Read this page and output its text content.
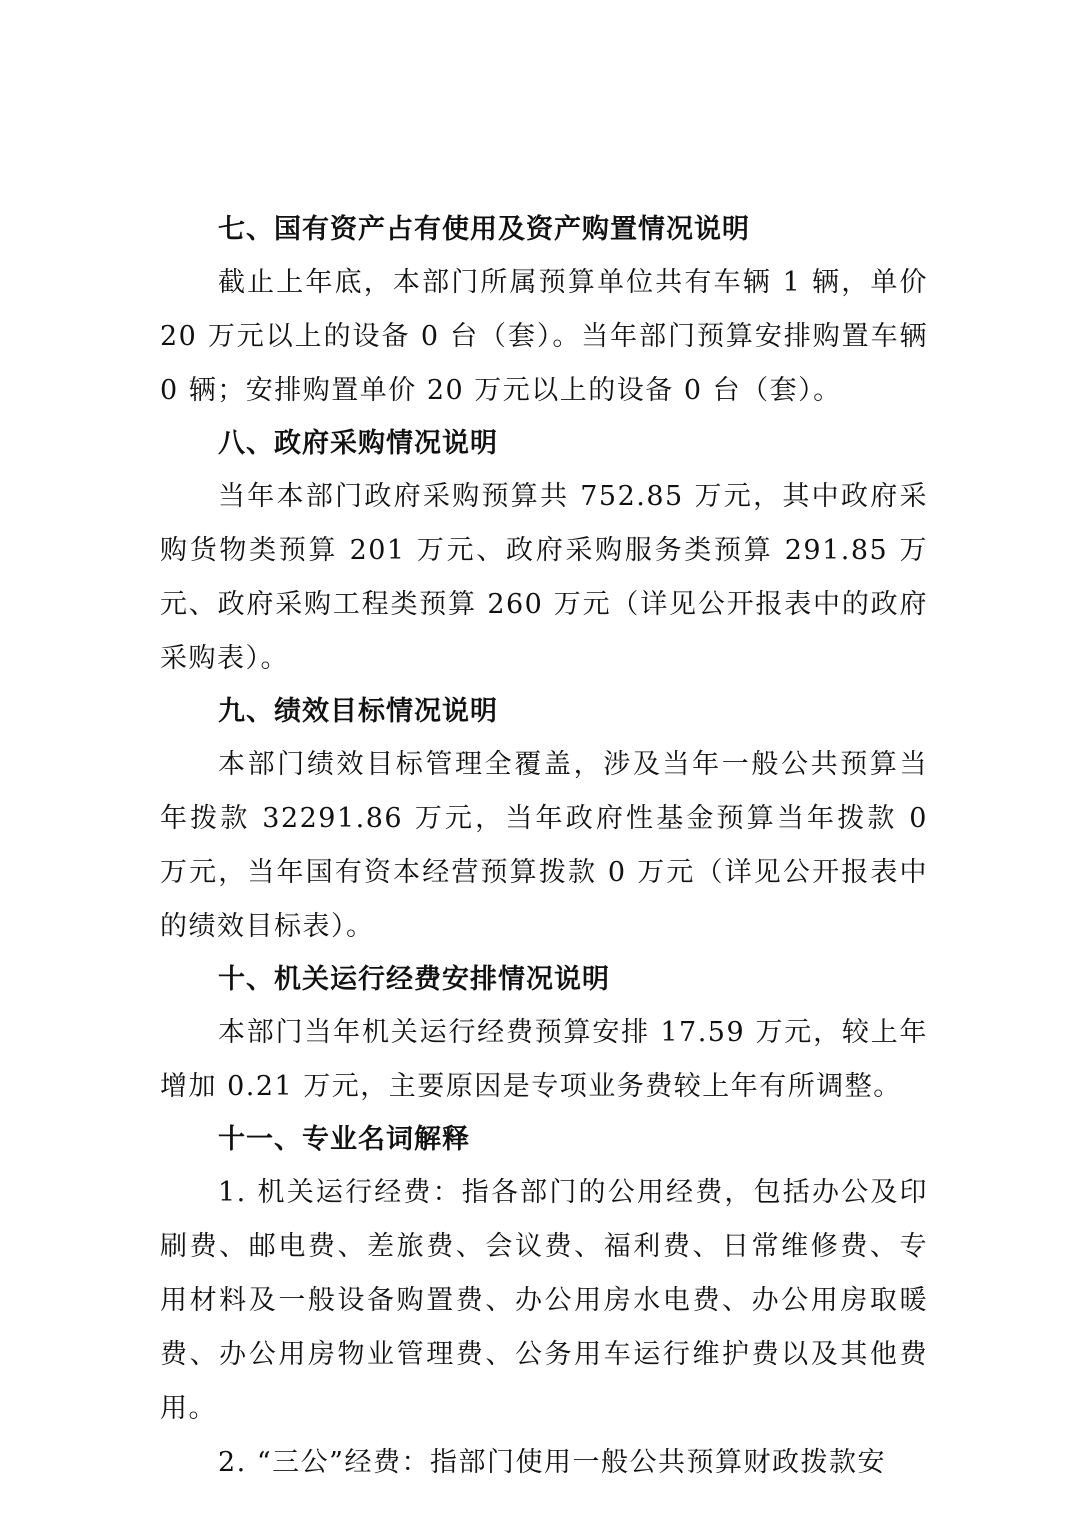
七、国有资产占有使用及资产购置情况说明

截止上年底，本部门所属预算单位共有车辆 1 辆，单价 20 万元以上的设备 0 台（套）。当年部门预算安排购置车辆 0 辆；安排购置单价 20 万元以上的设备 0 台（套）。

八、政府采购情况说明

当年本部门政府采购预算共 752.85 万元，其中政府采购货物类预算 201 万元、政府采购服务类预算 291.85 万元、政府采购工程类预算 260 万元（详见公开报表中的政府采购表）。

九、绩效目标情况说明

本部门绩效目标管理全覆盖，涉及当年一般公共预算当年拨款 32291.86 万元，当年政府性基金预算当年拨款 0 万元，当年国有资本经营预算拨款 0 万元（详见公开报表中的绩效目标表）。

十、机关运行经费安排情况说明

本部门当年机关运行经费预算安排 17.59 万元，较上年增加 0.21 万元，主要原因是专项业务费较上年有所调整。

十一、专业名词解释

1. 机关运行经费：指各部门的公用经费，包括办公及印刷费、邮电费、差旅费、会议费、福利费、日常维修费、专用材料及一般设备购置费、办公用房水电费、办公用房取暖费、办公用房物业管理费、公务用车运行维护费以及其他费用。

2. “三公”经费：指部门使用一般公共预算财政拨款安
